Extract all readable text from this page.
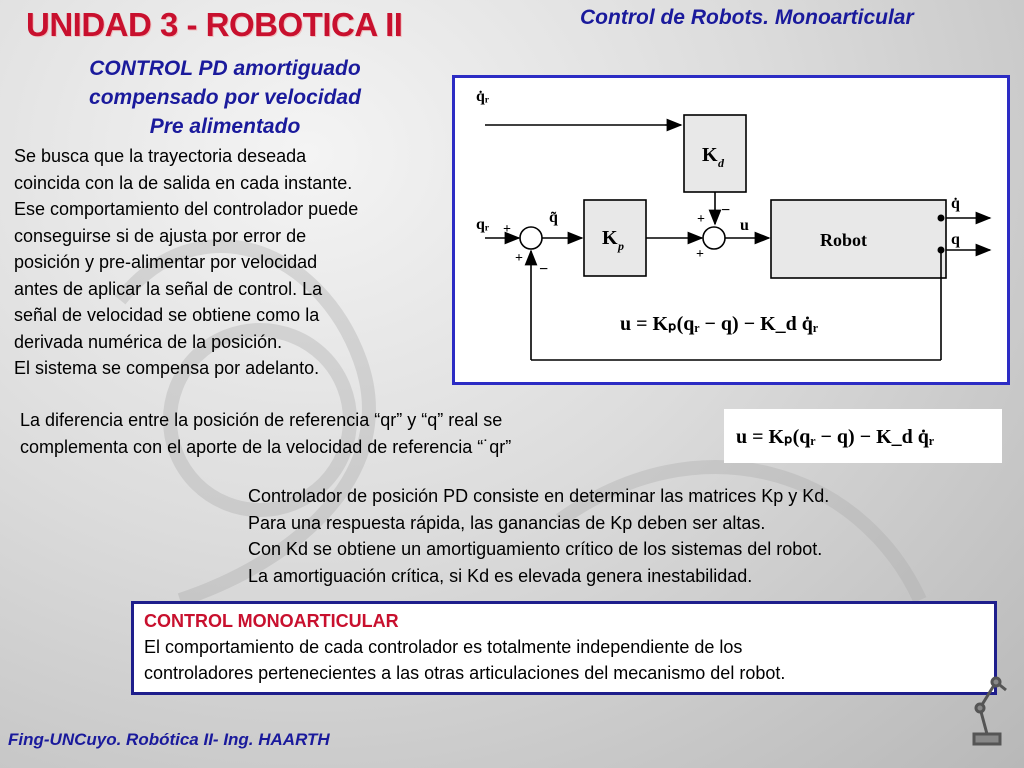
UNIDAD 3 - ROBOTICA II	Control de Robots. Monoarticular
CONTROL PD amortiguado
compensado por velocidad
Pre alimentado
Se busca que la trayectoria deseada
coincida con la de salida en cada instante.
Ese comportamiento del controlador puede
conseguirse si de ajusta por error de
posición y pre-alimentar por velocidad
antes de aplicar la señal de control. La
señal de velocidad se obtiene como la
derivada numérica de la posición.
El sistema se compensa por adelanto.
q̇ᵣ
qᵣ	q̃
+
+
−
+
−
+
K d
K p
u
Robot
q̇
q
u = Kₚ(qᵣ − q) − K_d q̇ᵣ
La diferencia entre la posición de referencia “qr” y “q” real se
complementa con el aporte de la velocidad de referencia “˙qr”	u = Kₚ(qᵣ − q) − K_d q̇ᵣ
Controlador de posición PD consiste en determinar las matrices Kp y Kd.
Para una respuesta rápida, las ganancias de Kp deben ser altas.
Con Kd se obtiene un amortiguamiento crítico de los sistemas del robot.
La amortiguación crítica, si Kd es elevada genera inestabilidad.
CONTROL MONOARTICULAR
El comportamiento de cada controlador es totalmente independiente de los
controladores pertenecientes a las otras articulaciones del mecanismo del robot.
Fing-UNCuyo. Robótica II- Ing. HAARTH
